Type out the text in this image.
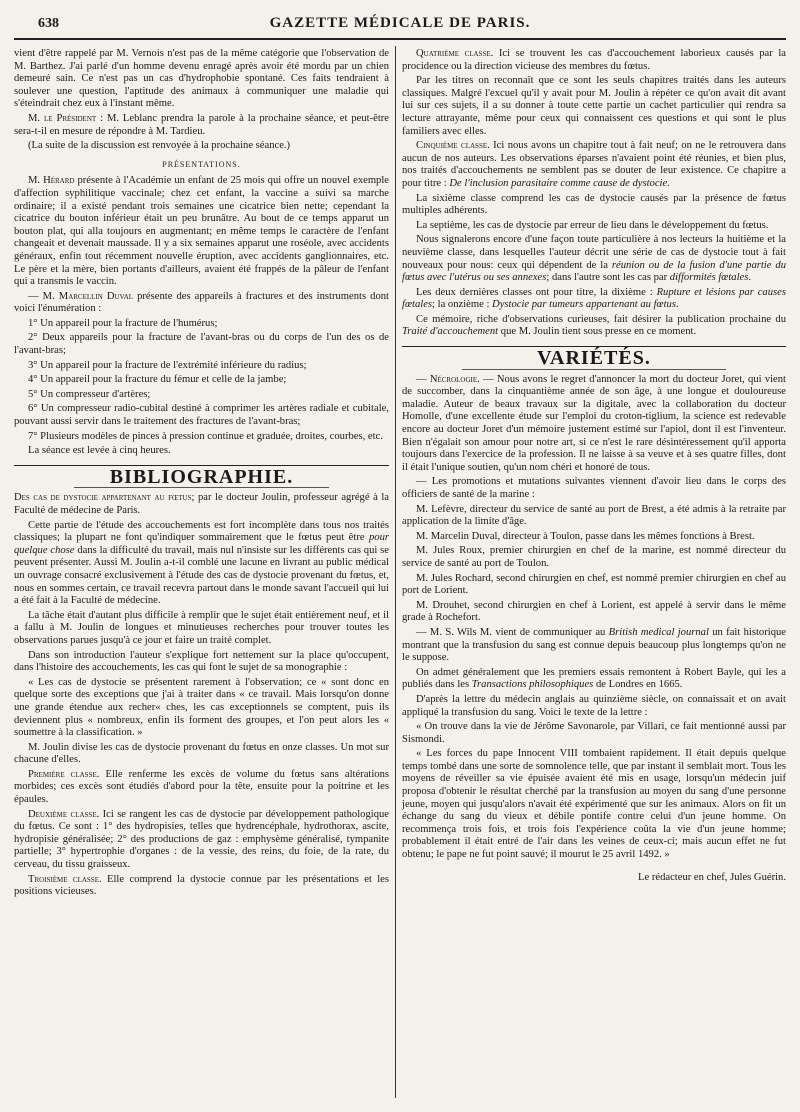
638	GAZETTE MÉDICALE DE PARIS.

vient d'être rappelé par M. Vernois n'est pas de la même catégorie que l'observation de M. Barthez. J'ai parlé d'un homme devenu enragé après avoir été mordu par un chien demeuré sain. Ce n'est pas un cas d'hydrophobie spontané. Ces faits tendraient à soulever une question, l'aptitude des animaux à communiquer une maladie qui s'éteindrait chez eux à l'instant même.

M. le Président : M. Leblanc prendra la parole à la prochaine séance, et peut-être sera-t-il en mesure de répondre à M. Tardieu.

(La suite de la discussion est renvoyée à la prochaine séance.)

PRÉSENTATIONS.

M. Hérard présente à l'Académie un enfant de 25 mois qui offre un nouvel exemple d'affection syphilitique vaccinale; chez cet enfant, la vaccine a suivi sa marche ordinaire; il a existé pendant trois semaines une cicatrice bien nette; cependant la cicatrice du bouton inférieur était un peu brunâtre. Au bout de ce temps apparut un bouton plat, qui alla toujours en augmentant; en même temps le caractère de l'enfant changeait et devenait maussade. Il y a six semaines apparut une roséole, avec accidents généraux, enfin tout récemment nouvelle éruption, avec accidents ganglionnaires, etc. Le père et la mère, bien portants d'ailleurs, avaient été frappés de la pâleur de l'enfant qui a transmis le vaccin.

— M. Marcellin Duval présente des appareils à fractures et des instruments dont voici l'énumération :

1° Un appareil pour la fracture de l'humérus;

2° Deux appareils pour la fracture de l'avant-bras ou du corps de l'un des os de l'avant-bras;

3° Un appareil pour la fracture de l'extrémité inférieure du radius;

4° Un appareil pour la fracture du fémur et celle de la jambe;

5° Un compresseur d'artères;

6° Un compresseur radio-cubital destiné à comprimer les artères radiale et cubitale, pouvant aussi servir dans le traitement des fractures de l'avant-bras;

7° Plusieurs modèles de pinces à pression continue et graduée, droites, courbes, etc.

La séance est levée à cinq heures.

BIBLIOGRAPHIE.

Des cas de dystocie appartenant au fœtus; par le docteur Joulin, professeur agrégé à la Faculté de médecine de Paris.

Cette partie de l'étude des accouchements est fort incomplète dans tous nos traités classiques; la plupart ne font qu'indiquer sommairement que le fœtus peut être pour quelque chose dans la difficulté du travail, mais nul n'insiste sur les différents cas qui se peuvent présenter. Aussi M. Joulin a-t-il comblé une lacune en livrant au public médical un ouvrage consacré exclusivement à l'étude des cas de dystocie provenant du fœtus, et, nous en sommes certain, ce travail recevra partout dans le monde savant l'accueil qui lui a été fait à la Faculté de médecine.

La tâche était d'autant plus difficile à remplir que le sujet était entièrement neuf, et il a fallu à M. Joulin de longues et minutieuses recherches pour trouver toutes les observations parues jusqu'à ce jour et faire un traité complet.

Dans son introduction l'auteur s'explique fort nettement sur la place qu'occupent, dans l'histoire des accouchements, les cas qui font le sujet de sa monographie :

« Les cas de dystocie se présentent rarement à l'observation; ce « sont donc en quelque sorte des exceptions que j'ai à traiter dans « ce travail. Mais lorsqu'on donne une grande étendue aux recher« ches, les cas exceptionnels se comptent, puis ils deviennent plus « nombreux, enfin ils forment des groupes, et l'on peut alors les « soumettre à la classification. »

M. Joulin divise les cas de dystocie provenant du fœtus en onze classes. Un mot sur chacune d'elles.

Première classe. Elle renferme les excès de volume du fœtus sans altérations morbides; ces excès sont étudiés d'abord pour la tête, ensuite pour la poitrine et les épaules.

Deuxième classe. Ici se rangent les cas de dystocie par développement pathologique du fœtus. Ce sont : 1° des hydropisies, telles que hydrencéphale, hydrothorax, ascite, hydropisie généralisée; 2° des productions de gaz : emphysème généralisé, tympanite partielle; 3° hypertrophie d'organes : de la vessie, des reins, du foie, de la rate, du cerveau, du tissu graisseux.

Troisième classe. Elle comprend la dystocie connue par les présentations et les positions vicieuses.

Quatrième classe. Ici se trouvent les cas d'accouchement laborieux causés par la procidence ou la direction vicieuse des membres du fœtus.

Par les titres on reconnaît que ce sont les seuls chapitres traités dans les auteurs classiques. Malgré l'excuel qu'il y avait pour M. Joulin à répéter ce qu'on avait dit avant lui sur ces sujets, il a su donner à toute cette partie un cachet particulier qui rendra sa lecture attrayante, même pour ceux qui connaissent ces questions et qui sont le plus familiers avec elles.

Cinquième classe. Ici nous avons un chapitre tout à fait neuf; on ne le retrouvera dans aucun de nos auteurs. Les observations éparses n'avaient point été réunies, et bien plus, nos traités d'accouchements ne semblent pas se douter de leur existence. Ce chapitre a pour titre : De l'inclusion parasitaire comme cause de dystocie.

La sixième classe comprend les cas de dystocie causés par la présence de fœtus multiples adhérents.

La septième, les cas de dystocie par erreur de lieu dans le développement du fœtus.

Nous signalerons encore d'une façon toute particulière à nos lecteurs la huitième et la neuvième classe, dans lesquelles l'auteur décrit une série de cas de dystocie tout à fait nouveaux pour nous: ceux qui dépendent de la réunion ou de la fusion d'une partie du fœtus avec l'utérus ou ses annexes; dans l'autre sont les cas par difformités fœtales.

Les deux dernières classes ont pour titre, la dixième : Rupture et lésions par causes fœtales; la onzième : Dystocie par tumeurs appartenant au fœtus.

Ce mémoire, riche d'observations curieuses, fait désirer la publication prochaine du Traité d'accouchement que M. Joulin tient sous presse en ce moment.

VARIÉTÉS.

— Nécrologie. — Nous avons le regret d'annoncer la mort du docteur Joret, qui vient de succomber, dans la cinquantième année de son âge, à une longue et douloureuse maladie. Auteur de beaux travaux sur la digitale, avec la collaboration du docteur Homolle, d'une excellente étude sur l'emploi du croton-tiglium, la science est redevable encore au docteur Joret d'un mémoire justement estimé sur l'apiol, dont il est l'inventeur. Bien n'égalait son amour pour notre art, si ce n'est le rare désintéressement qu'il apporta toujours dans l'exercice de la profession. Il ne laisse à sa veuve et à ses quatre filles, dont il était l'unique soutien, qu'un nom chéri et honoré de tous.

— Les promotions et mutations suivantes viennent d'avoir lieu dans le corps des officiers de santé de la marine :

M. Lefèvre, directeur du service de santé au port de Brest, a été admis à la retraite par application de la limite d'âge.

M. Marcelin Duval, directeur à Toulon, passe dans les mêmes fonctions à Brest.

M. Jules Roux, premier chirurgien en chef de la marine, est nommé directeur du service de santé au port de Toulon.

M. Jules Rochard, second chirurgien en chef, est nommé premier chirurgien en chef au port de Lorient.

M. Drouhet, second chirurgien en chef à Lorient, est appelé à servir dans le même grade à Rochefort.

— M. S. Wils M. vient de communiquer au British medical journal un fait historique montrant que la transfusion du sang est connue depuis beaucoup plus longtemps qu'on ne le suppose.

On admet généralement que les premiers essais remontent à Robert Bayle, qui les a publiés dans les Transactions philosophiques de Londres en 1665.

D'après la lettre du médecin anglais au quinzième siècle, on connaissait et on avait appliqué la transfusion du sang. Voici le texte de la lettre :

« On trouve dans la vie de Jérôme Savonarole, par Villari, ce fait mentionné aussi par Sismondi.

« Les forces du pape Innocent VIII tombaient rapidement. Il était depuis quelque temps tombé dans une sorte de somnolence telle, que par instant il semblait mort. Tous les moyens de réveiller sa vie épuisée avaient été mis en usage, lorsqu'un médecin juif proposa d'obtenir le résultat cherché par la transfusion au moyen du sang d'une personne jeune, moyen qui jusqu'alors n'avait été expérimenté que sur les animaux. Alors on fit un échange du sang du vieux et débile pontife contre celui d'un jeune homme. On recommença trois fois, et trois fois l'expérience coûta la vie d'un jeune homme; probablement il était entré de l'air dans les veines de ceux-ci; mais aucun effet ne fut obtenu; le pape ne fut point sauvé; il mourut le 25 avril 1492. »

Le rédacteur en chef, Jules Guérin.
